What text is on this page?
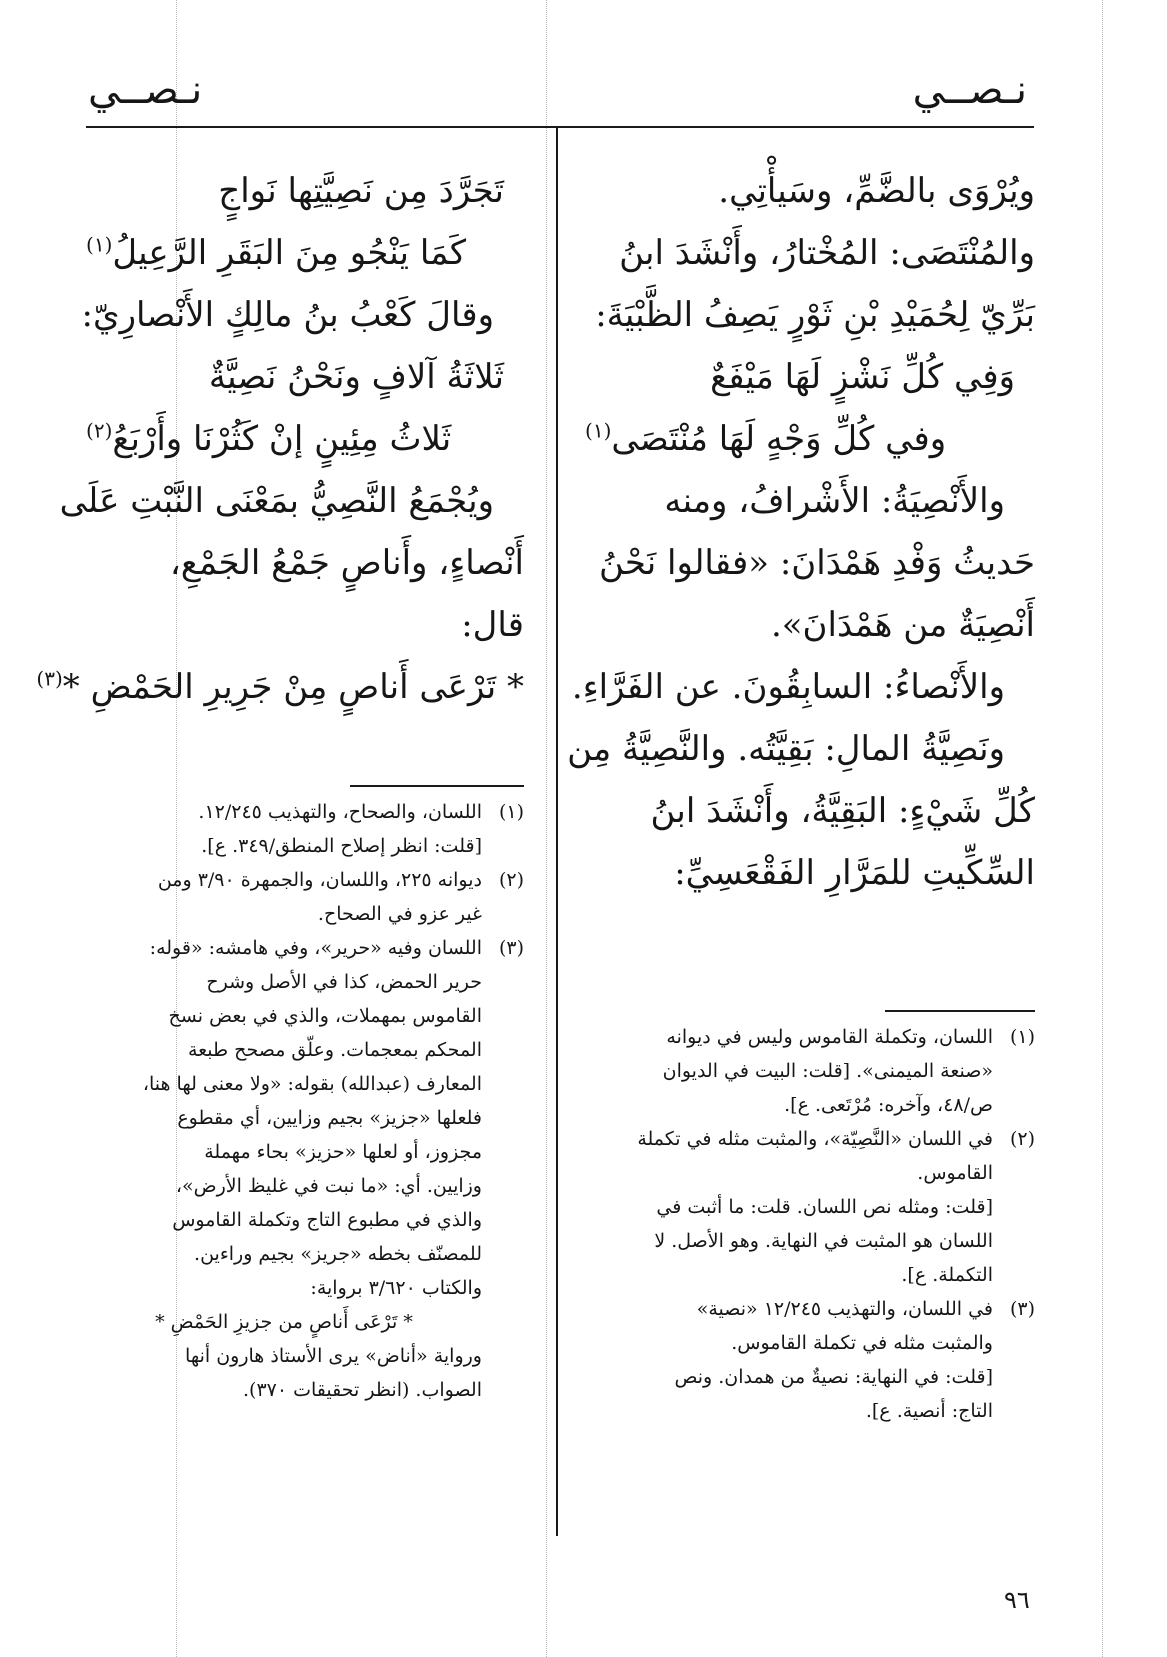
نـصــي
نـصــي
ويُرْوَى بالضَّمِّ، وسَيأْتِي.
والمُنْتَصَى: المُخْتارُ، وأَنْشَدَ ابنُ
بَرِّيّ لِحُمَيْدِ بْنِ ثَوْرٍ يَصِفُ الظَّبْيَةَ:
وَفِي كُلِّ نَشْزٍ لَهَا مَيْفَعٌ
وفي كُلِّ وَجْهٍ لَهَا مُنْتَصَى$^{(١)}$
والأَنْصِيَةُ: الأَشْرافُ، ومنه
حَديثُ وَفْدِ هَمْدَانَ: «فقالوا نَحْنُ
أَنْصِيَةٌ من هَمْدَانَ».
والأَنْصاءُ: السابِقُونَ. عن الفَرَّاءِ.
ونَصِيَّةُ المالِ: بَقِيَّتُه. والنَّصِيَّةُ مِن
كُلِّ شَيْءٍ: البَقِيَّةُ، وأَنْشَدَ ابنُ
السِّكِّيتِ للمَرَّارِ الفَقْعَسِيِّ:
تَجَرَّدَ مِن نَصِيَّتِها نَواجٍ
كَمَا يَنْجُو مِنَ البَقَرِ الرَّعِيلُ$^{(١)}$
وقالَ كَعْبُ بنُ مالِكٍ الأَنْصارِيّ:
ثَلاثَةُ آلافٍ ونَحْنُ نَصِيَّةٌ
ثَلاثُ مِئِينٍ إنْ كَثُرْنَا وأَرْبَعُ$^{(٢)}$
ويُجْمَعُ النَّصِيُّ بمَعْنَى النَّبْتِ عَلَى
أَنْصاءٍ، وأَناصٍ جَمْعُ الجَمْعِ،
قال:
* تَرْعَى أَناصٍ مِنْ جَرِيرِ الحَمْضِ *$^{(٣)}$
(١)
اللسان، وتكملة القاموس وليس في ديوانه
«صنعة الميمنى». [قلت: البيت في الديوان
ص/٤٨، وآخره: مُرْتَعى. ع].
(٢)
في اللسان «النَّصِيّة»، والمثبت مثله في تكملة
القاموس.
[قلت: ومثله نص اللسان. قلت: ما أثبت في
اللسان هو المثبت في النهاية. وهو الأصل. لا
التكملة. ع].
(٣)
في اللسان، والتهذيب ١٢/٢٤٥ «نصية»
والمثبت مثله في تكملة القاموس.
[قلت: في النهاية: نصيةٌ من همدان. ونص
التاج: أنصية. ع].
(١)
اللسان، والصحاح، والتهذيب ١٢/٢٤٥.
[قلت: انظر إصلاح المنطق/٣٤٩. ع].
(٢)
ديوانه ٢٢٥، واللسان، والجمهرة ٣/٩٠ ومن
غير عزو في الصحاح.
(٣)
اللسان وفيه «حرير»، وفي هامشه: «قوله:
حرير الحمض، كذا في الأصل وشرح
القاموس بمهملات، والذي في بعض نسخ
المحكم بمعجمات. وعلّق مصحح طبعة
المعارف (عبدالله) بقوله: «ولا معنى لها هنا،
فلعلها «جزيز» بجيم وزايين، أي مقطوع
مجزوز، أو لعلها «حزيز» بحاء مهملة
وزايين. أي: «ما نبت في غليظ الأرض»،
والذي في مطبوع التاج وتكملة القاموس
للمصنّف بخطه «جريز» بجيم وراءين.
والكتاب ٣/٦٢٠ برواية:
* تَرْعَى أَناصٍ من جزيزِ الحَمْضِ *
ورواية «أناض» يرى الأستاذ هارون أنها
الصواب. (انظر تحقيقات ٣٧٠).
٩٦
